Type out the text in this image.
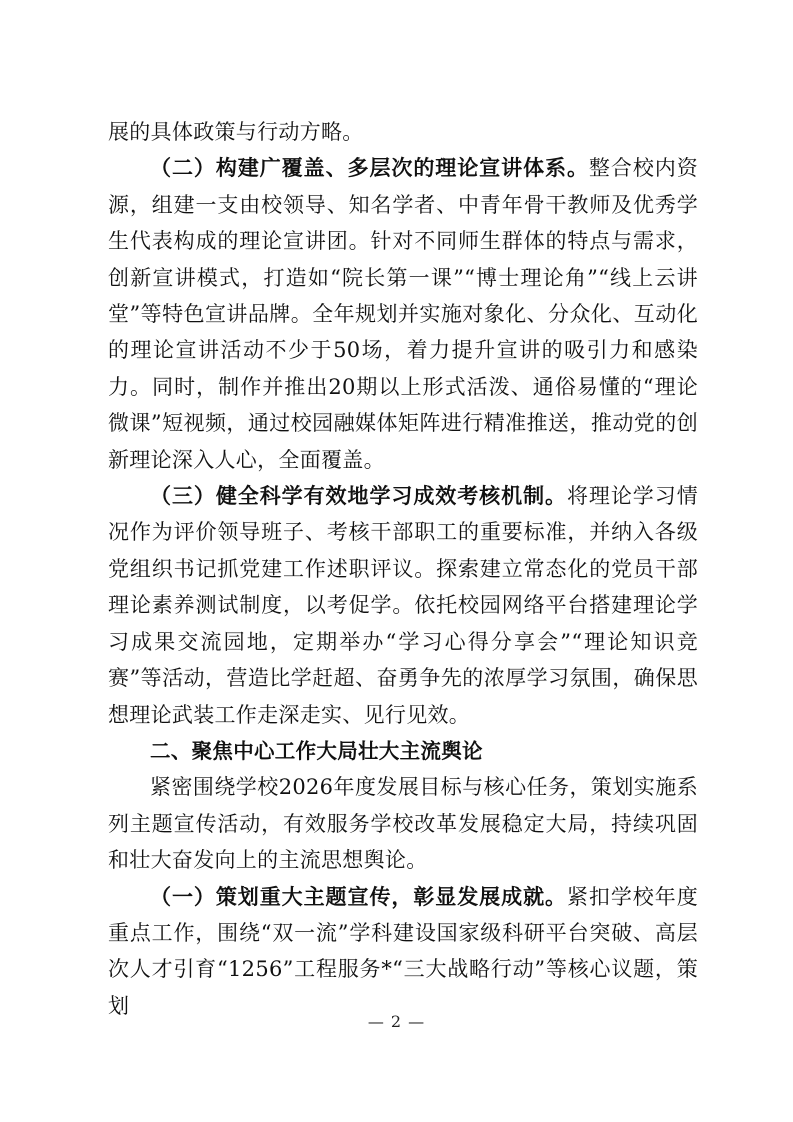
展的具体政策与行动方略。

（二）构建广覆盖、多层次的理论宣讲体系。整合校内资源，组建一支由校领导、知名学者、中青年骨干教师及优秀学生代表构成的理论宣讲团。针对不同师生群体的特点与需求，创新宣讲模式，打造如“院长第一课”“博士理论角”“线上云讲堂”等特色宣讲品牌。全年规划并实施对象化、分众化、互动化的理论宣讲活动不少于50场，着力提升宣讲的吸引力和感染力。同时，制作并推出20期以上形式活泼、通俗易懂的“理论微课”短视频，通过校园融媒体矩阵进行精准推送，推动党的创新理论深入人心，全面覆盖。

（三）健全科学有效地学习成效考核机制。将理论学习情况作为评价领导班子、考核干部职工的重要标准，并纳入各级党组织书记抓党建工作述职评议。探索建立常态化的党员干部理论素养测试制度，以考促学。依托校园网络平台搭建理论学习成果交流园地，定期举办“学习心得分享会”“理论知识竞赛”等活动，营造比学赶超、奋勇争先的浓厚学习氛围，确保思想理论武装工作走深走实、见行见效。

二、聚焦中心工作大局壮大主流舆论

紧密围绕学校2026年度发展目标与核心任务，策划实施系列主题宣传活动，有效服务学校改革发展稳定大局，持续巩固和壮大奋发向上的主流思想舆论。

（一）策划重大主题宣传，彰显发展成就。紧扣学校年度重点工作，围绕“双一流”学科建设国家级科研平台突破、高层次人才引育“1256”工程服务*“三大战略行动”等核心议题，策划

— 2 —
